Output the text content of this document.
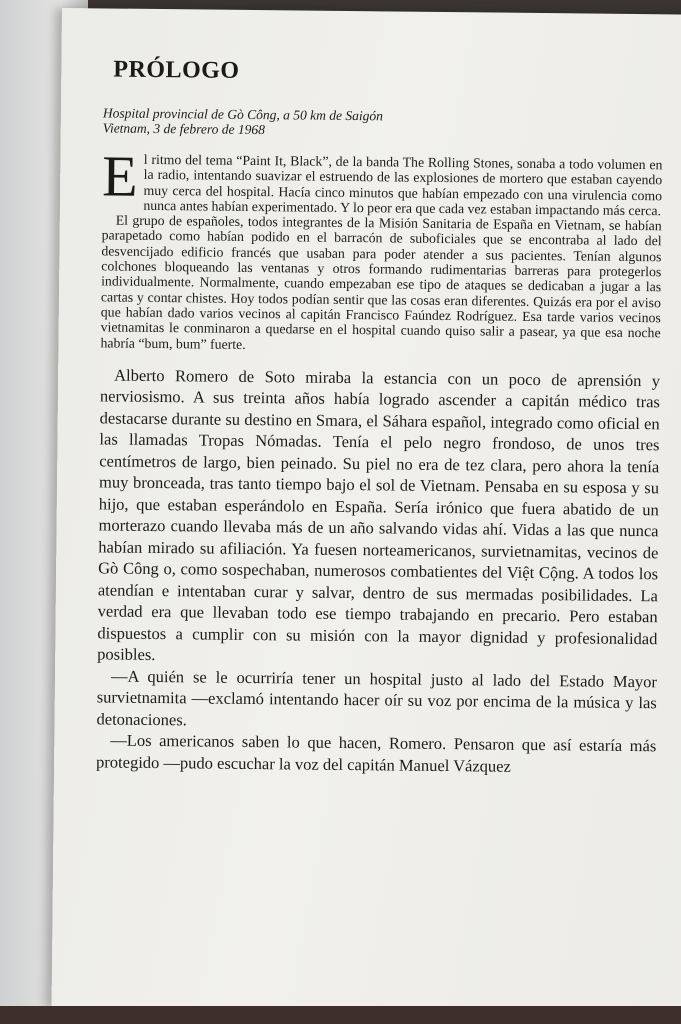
PRÓLOGO
Hospital provincial de Gò Công, a 50 km de Saigón
Vietnam, 3 de febrero de 1968
E l ritmo del tema “Paint It, Black”, de la banda The Rolling Stones, sonaba a todo volumen en la radio, intentando suavizar el estruendo de las explosiones de mortero que estaban cayendo muy cerca del hospital. Hacía cinco minutos que habían empezado con una virulencia como nunca antes habían experimentado. Y lo peor era que cada vez estaban impactando más cerca.

El grupo de españoles, todos integrantes de la Misión Sanitaria de España en Vietnam, se habían parapetado como habían podido en el barracón de suboficiales que se encontraba al lado del desvencijado edificio francés que usaban para poder atender a sus pacientes. Tenían algunos colchones bloqueando las ventanas y otros formando rudimentarias barreras para protegerlos individualmente. Normalmente, cuando empezaban ese tipo de ataques se dedicaban a jugar a las cartas y contar chistes. Hoy todos podían sentir que las cosas eran diferentes. Quizás era por el aviso que habían dado varios vecinos al capitán Francisco Faúndez Rodríguez. Esa tarde varios vecinos vietnamitas le conminaron a quedarse en el hospital cuando quiso salir a pasear, ya que esa noche habría “bum, bum” fuerte.

Alberto Romero de Soto miraba la estancia con un poco de aprensión y nerviosismo. A sus treinta años había logrado ascender a capitán médico tras destacarse durante su destino en Smara, el Sáhara español, integrado como oficial en las llamadas Tropas Nómadas. Tenía el pelo negro frondoso, de unos tres centímetros de largo, bien peinado. Su piel no era de tez clara, pero ahora la tenía muy bronceada, tras tanto tiempo bajo el sol de Vietnam. Pensaba en su esposa y su hijo, que estaban esperándolo en España. Sería irónico que fuera abatido de un morterazo cuando llevaba más de un año salvando vidas ahí. Vidas a las que nunca habían mirado su afiliación. Ya fuesen norteamericanos, survietnamitas, vecinos de Gò Công o, como sospechaban, numerosos combatientes del Việt Cộng. A todos los atendían e intentaban curar y salvar, dentro de sus mermadas posibilidades. La verdad era que llevaban todo ese tiempo trabajando en precario. Pero estaban dispuestos a cumplir con su misión con la mayor dignidad y profesionalidad posibles.

—A quién se le ocurriría tener un hospital justo al lado del Estado Mayor survietnamita —exclamó intentando hacer oír su voz por encima de la música y las detonaciones.

—Los americanos saben lo que hacen, Romero. Pensaron que así estaría más protegido —pudo escuchar la voz del capitán Manuel Vázquez
